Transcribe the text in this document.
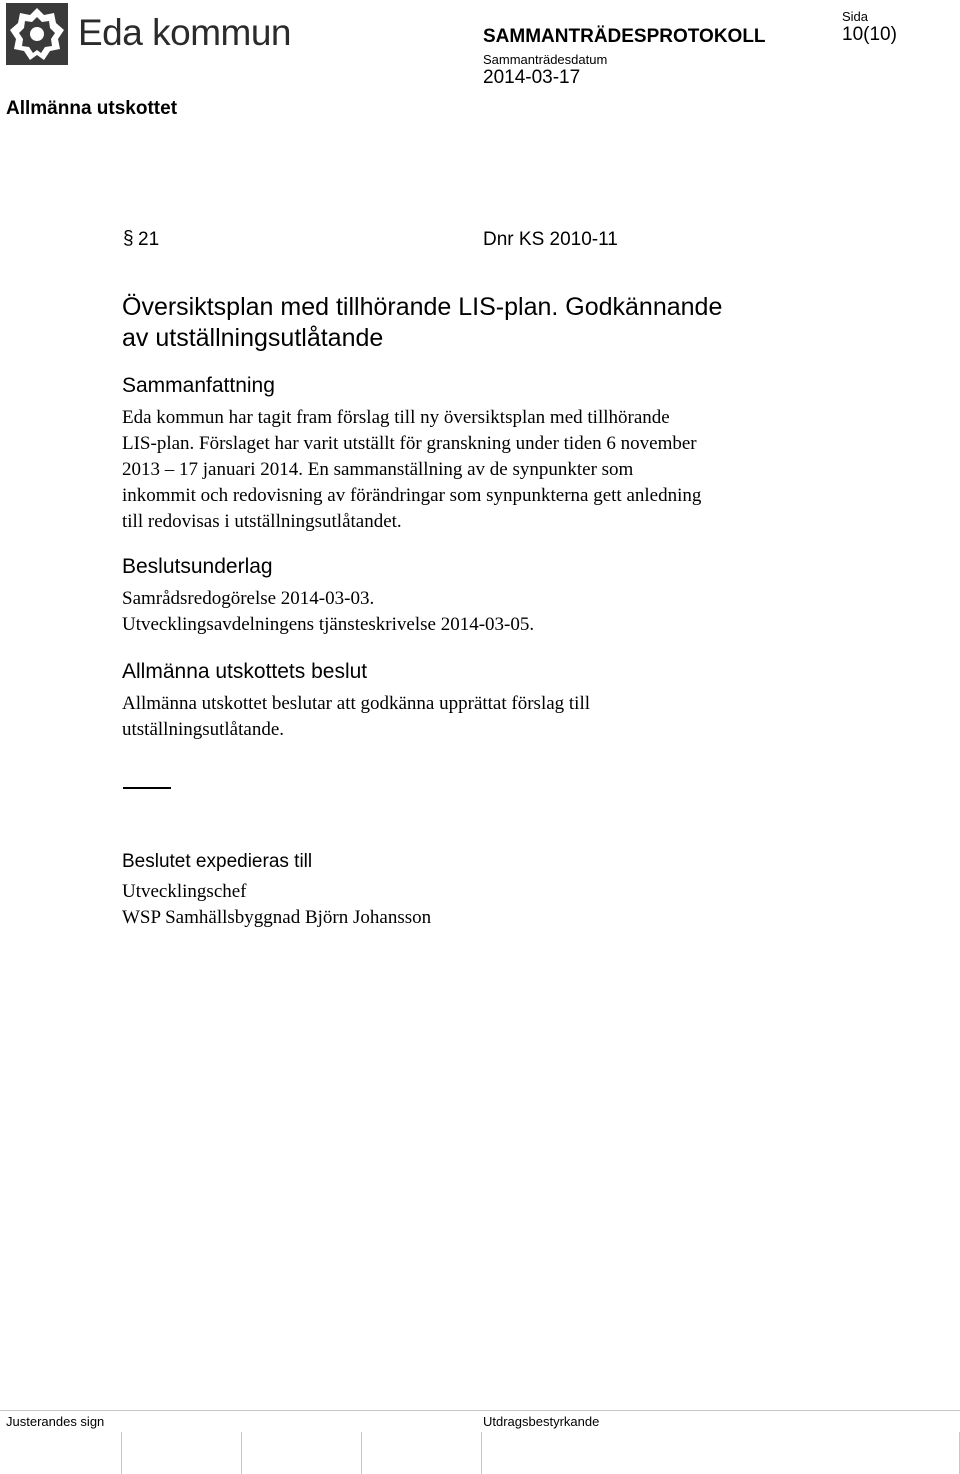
Eda kommun	SAMMANTRÄDESPROTOKOLL
Sammanträdesdatum
2014-03-17
Sida
10(10)
Allmänna utskottet
§ 21	Dnr KS 2010-11
Översiktsplan med tillhörande LIS-plan. Godkännande
av utställningsutlåtande
Sammanfattning

Eda kommun har tagit fram förslag till ny översiktsplan med tillhörande
LIS-plan. Förslaget har varit utställt för granskning under tiden 6 november
2013 – 17 januari 2014. En sammanställning av de synpunkter som
inkommit och redovisning av förändringar som synpunkterna gett anledning
till redovisas i utställningsutlåtandet.

Beslutsunderlag

Samrådsredogörelse 2014-03-03.
Utvecklingsavdelningens tjänsteskrivelse 2014-03-05.

Allmänna utskottets beslut

Allmänna utskottet beslutar att godkänna upprättat förslag till
utställningsutlåtande.

Beslutet expedieras till

Utvecklingschef
WSP Samhällsbyggnad Björn Johansson

Justerandes sign	Utdragsbestyrkande
